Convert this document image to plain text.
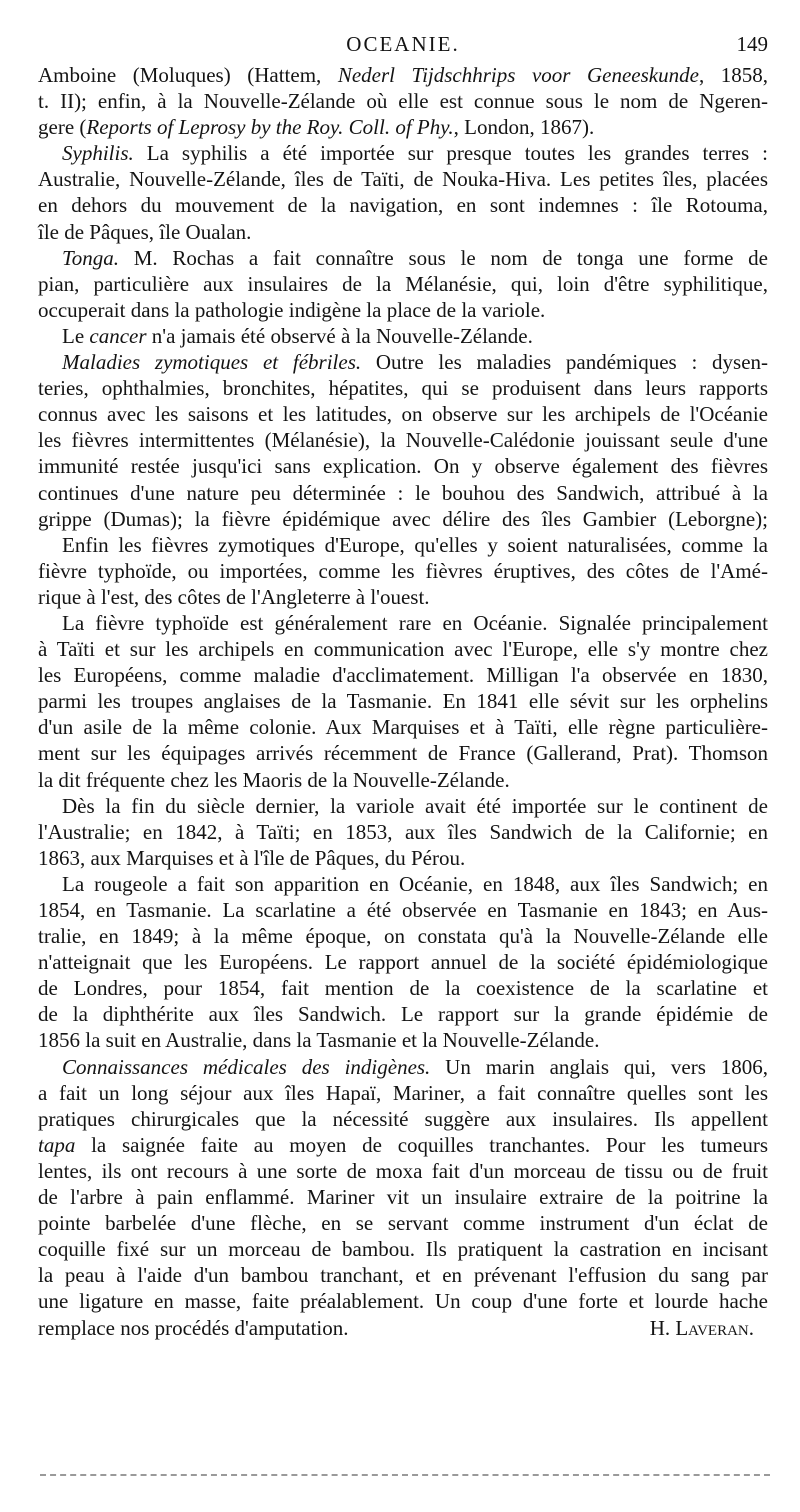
OCEANIE.	149
Amboine (Moluques) (Hattem, Nederl Tijdschhrips voor Geneeskunde, 1858,
t. II); enfin, à la Nouvelle-Zélande où elle est connue sous le nom de Ngeren-
gere (Reports of Leprosy by the Roy. Coll. of Phy., London, 1867).
Syphilis. La syphilis a été importée sur presque toutes les grandes terres :
Australie, Nouvelle-Zélande, îles de Taïti, de Nouka-Hiva. Les petites îles, placées
en dehors du mouvement de la navigation, en sont indemnes : île Rotouma,
île de Pâques, île Oualan.
Tonga. M. Rochas a fait connaître sous le nom de tonga une forme de
pian, particulière aux insulaires de la Mélanésie, qui, loin d'être syphilitique,
occuperait dans la pathologie indigène la place de la variole.
Le cancer n'a jamais été observé à la Nouvelle-Zélande.
Maladies zymotiques et fébriles. Outre les maladies pandémiques : dysen-
teries, ophthalmies, bronchites, hépatites, qui se produisent dans leurs rapports
connus avec les saisons et les latitudes, on observe sur les archipels de l'Océanie
les fièvres intermittentes (Mélanésie), la Nouvelle-Calédonie jouissant seule d'une
immunité restée jusqu'ici sans explication. On y observe également des fièvres
continues d'une nature peu déterminée : le bouhou des Sandwich, attribué à la
grippe (Dumas); la fièvre épidémique avec délire des îles Gambier (Leborgne);
Enfin les fièvres zymotiques d'Europe, qu'elles y soient naturalisées, comme la
fièvre typhoïde, ou importées, comme les fièvres éruptives, des côtes de l'Amé-
rique à l'est, des côtes de l'Angleterre à l'ouest.
La fièvre typhoïde est généralement rare en Océanie. Signalée principalement
à Taïti et sur les archipels en communication avec l'Europe, elle s'y montre chez
les Européens, comme maladie d'acclimatement. Milligan l'a observée en 1830,
parmi les troupes anglaises de la Tasmanie. En 1841 elle sévit sur les orphelins
d'un asile de la même colonie. Aux Marquises et à Taïti, elle règne particulière-
ment sur les équipages arrivés récemment de France (Gallerand, Prat). Thomson
la dit fréquente chez les Maoris de la Nouvelle-Zélande.
Dès la fin du siècle dernier, la variole avait été importée sur le continent de
l'Australie; en 1842, à Taïti; en 1853, aux îles Sandwich de la Californie; en
1863, aux Marquises et à l'île de Pâques, du Pérou.
La rougeole a fait son apparition en Océanie, en 1848, aux îles Sandwich; en
1854, en Tasmanie. La scarlatine a été observée en Tasmanie en 1843; en Aus-
tralie, en 1849; à la même époque, on constata qu'à la Nouvelle-Zélande elle
n'atteignait que les Européens. Le rapport annuel de la société épidémiologique
de Londres, pour 1854, fait mention de la coexistence de la scarlatine et
de la diphthérite aux îles Sandwich. Le rapport sur la grande épidémie de
1856 la suit en Australie, dans la Tasmanie et la Nouvelle-Zélande.
Connaissances médicales des indigènes. Un marin anglais qui, vers 1806,
a fait un long séjour aux îles Hapaï, Mariner, a fait connaître quelles sont les
pratiques chirurgicales que la nécessité suggère aux insulaires. Ils appellent
tapa la saignée faite au moyen de coquilles tranchantes. Pour les tumeurs
lentes, ils ont recours à une sorte de moxa fait d'un morceau de tissu ou de fruit
de l'arbre à pain enflammé. Mariner vit un insulaire extraire de la poitrine la
pointe barbelée d'une flèche, en se servant comme instrument d'un éclat de
coquille fixé sur un morceau de bambou. Ils pratiquent la castration en incisant
la peau à l'aide d'un bambou tranchant, et en prévenant l'effusion du sang par
une ligature en masse, faite préalablement. Un coup d'une forte et lourde hache
remplace nos procédés d'amputation.	H. Laveran.
